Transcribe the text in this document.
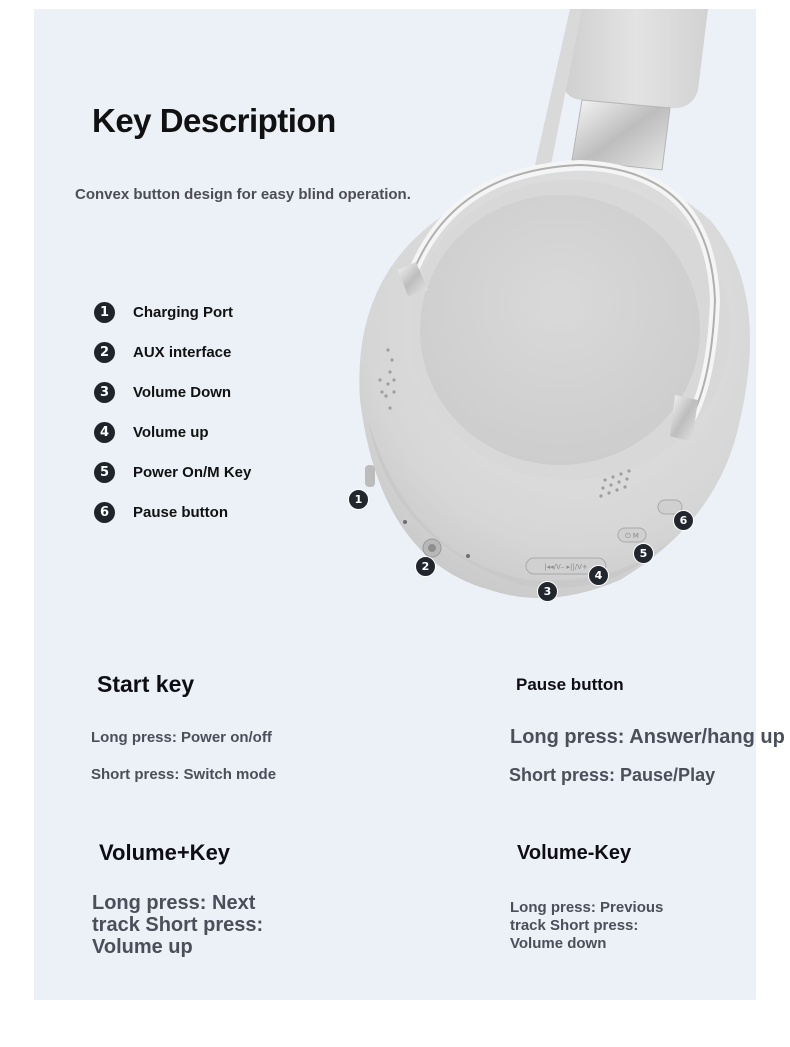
|◂◂/V– ▸||/V+
⏻ M
1
2
3
4
5
6
Key Description
Convex button design for easy blind operation.
1	Charging Port
2	AUX interface
3	Volume Down
4	Volume up
5	Power On/M Key
6	Pause button
Start key
Long press: Power on/off
Short press: Switch mode
Pause button
Long press: Answer/hang up
Short press: Pause/Play
Volume+Key
Long press: Next track Short press: Volume up
Volume-Key
Long press: Previous track Short press: Volume down
